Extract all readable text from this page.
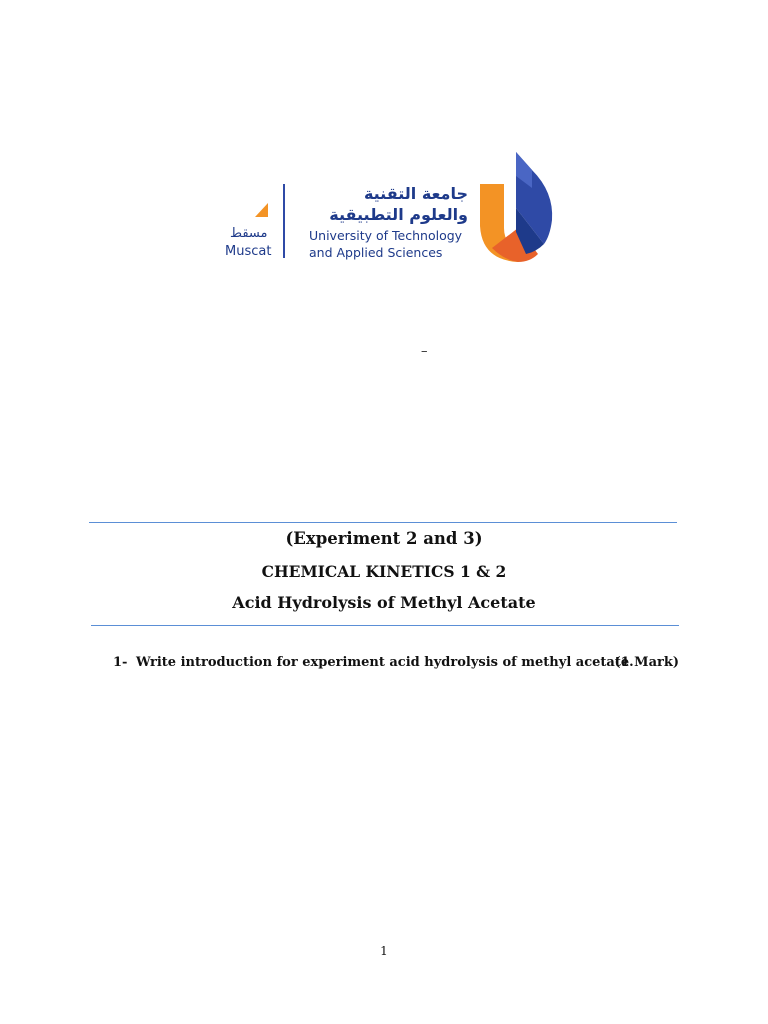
مسقط
Muscat
جامعة التقنية
والعلوم التطبيقية
University of Technology
and Applied Sciences
–
(Experiment 2 and 3)
CHEMICAL KINETICS 1 & 2
Acid Hydrolysis of Methyl Acetate
1- Write introduction for experiment acid hydrolysis of methyl acetate.
(1 Mark)
1
